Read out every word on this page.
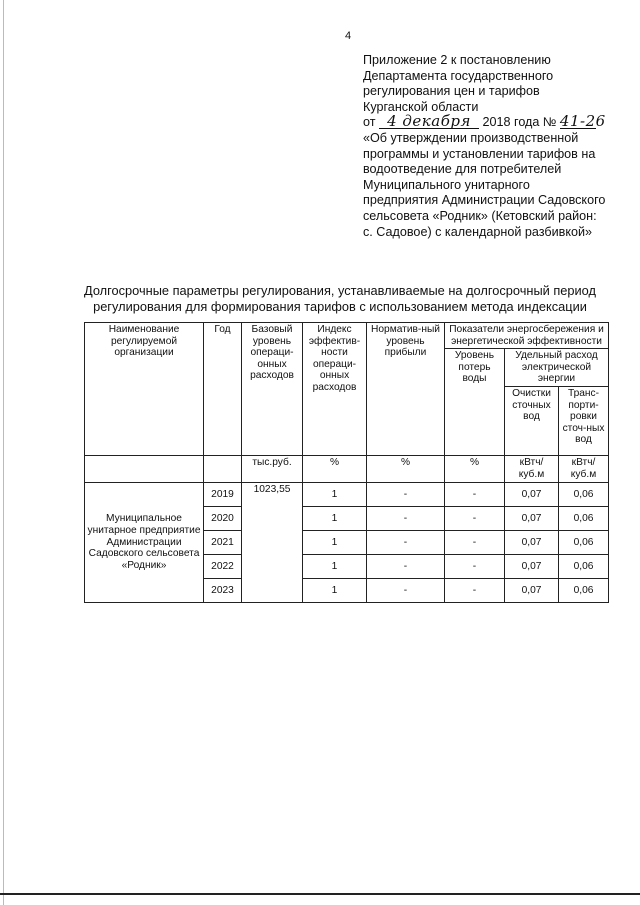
4
Приложение 2 к постановлению
Департамента государственного
регулирования цен и тарифов
Курганской области
от 4 декабря 2018 года № 41-26
«Об утверждении производственной
программы и установлении тарифов на
водоотведение для потребителей
Муниципального унитарного
предприятия Администрации Садовского
сельсовета «Родник» (Кетовский район:
с. Садовое) с календарной разбивкой»
Долгосрочные параметры регулирования, устанавливаемые на долгосрочный период
регулирования для формирования тарифов с использованием метода индексации
Наименование регулируемой организации	Год	Базовый уровень операци-онных расходов	Индекс эффектив-ности операци-онных расходов	Норматив-ный уровень прибыли	Показатели энергосбережения и энергетической эффективности		
					Уровень потерь воды	Удельный расход электрической энергии	
						Очистки сточных вод	Транс-порти-ровки сточ-ных вод
		тыс.руб.	%	%	%	кВтч/ куб.м	кВтч/ куб.м
Муниципальное унитарное предприятие Администрации Садовского сельсовета «Родник»	2019	1023,55	1	-	-	0,07	0,06
	2020		1	-	-	0,07	0,06
	2021		1	-	-	0,07	0,06
	2022		1	-	-	0,07	0,06
	2023		1	-	-	0,07	0,06
